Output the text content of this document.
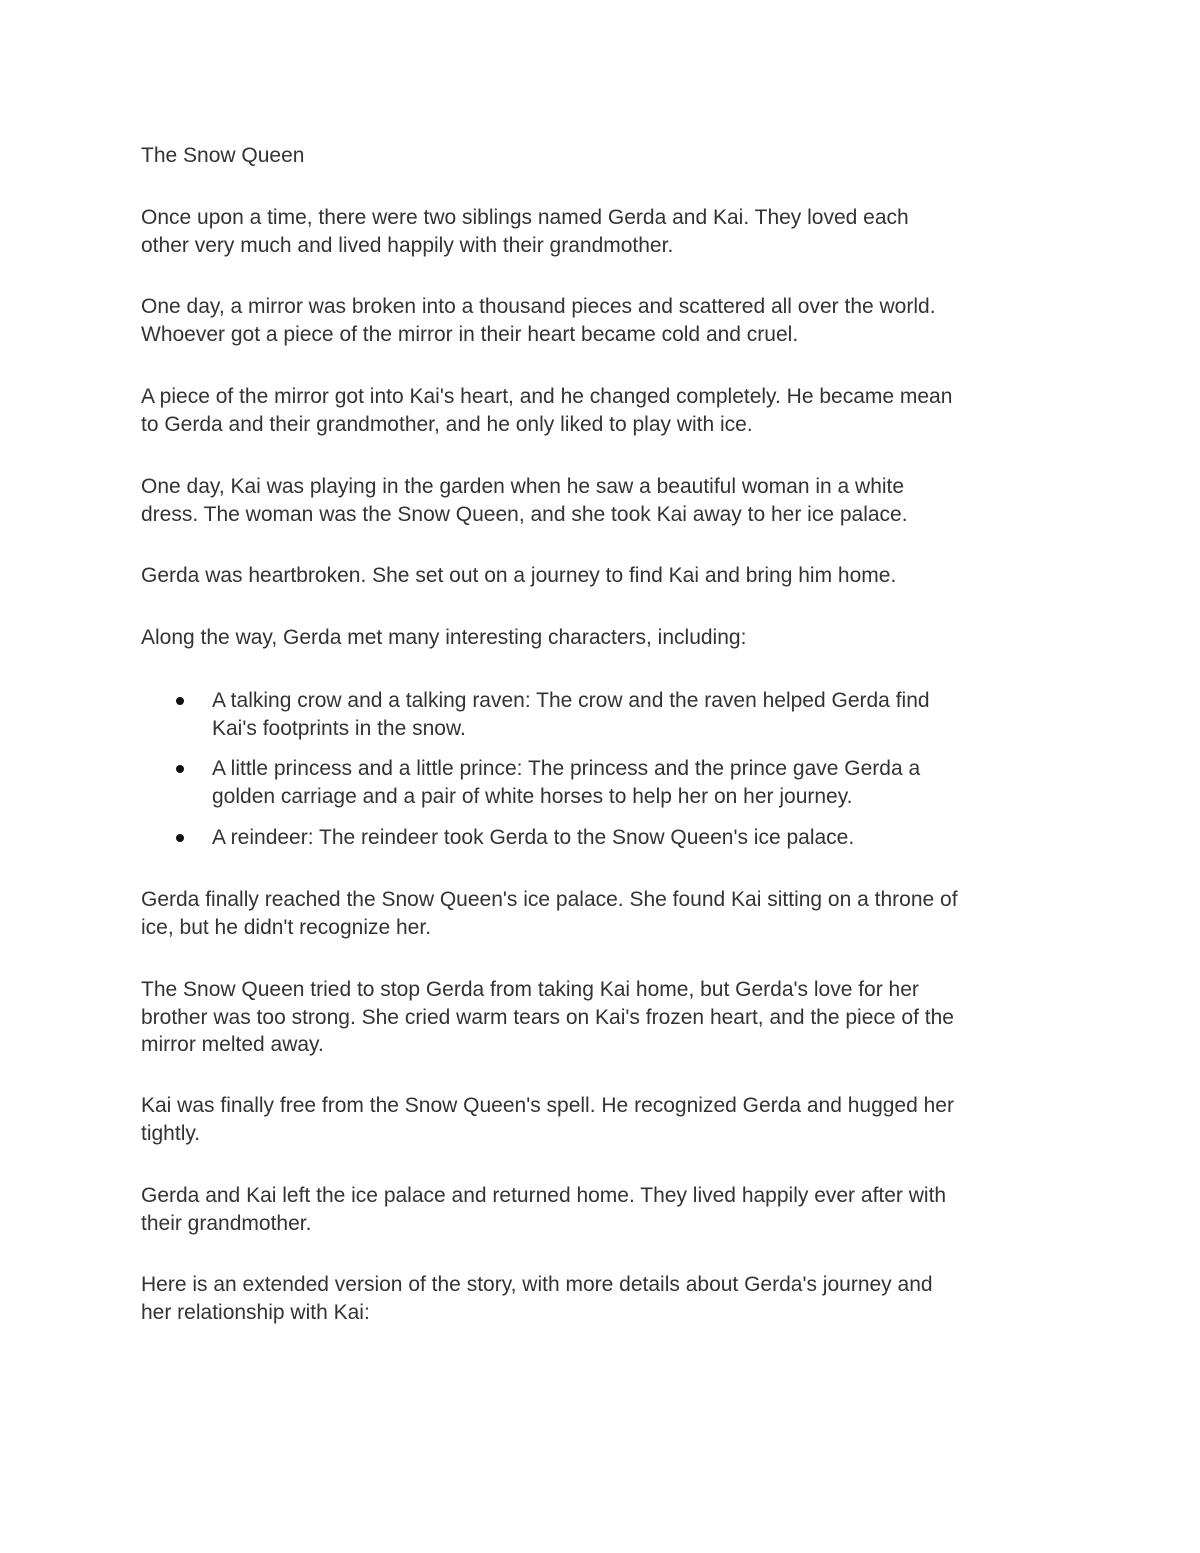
The Snow Queen
Once upon a time, there were two siblings named Gerda and Kai. They loved each
other very much and lived happily with their grandmother.
One day, a mirror was broken into a thousand pieces and scattered all over the world.
Whoever got a piece of the mirror in their heart became cold and cruel.
A piece of the mirror got into Kai's heart, and he changed completely. He became mean
to Gerda and their grandmother, and he only liked to play with ice.
One day, Kai was playing in the garden when he saw a beautiful woman in a white
dress. The woman was the Snow Queen, and she took Kai away to her ice palace.
Gerda was heartbroken. She set out on a journey to find Kai and bring him home.
Along the way, Gerda met many interesting characters, including:
A talking crow and a talking raven: The crow and the raven helped Gerda find
Kai's footprints in the snow.
A little princess and a little prince: The princess and the prince gave Gerda a
golden carriage and a pair of white horses to help her on her journey.
A reindeer: The reindeer took Gerda to the Snow Queen's ice palace.
Gerda finally reached the Snow Queen's ice palace. She found Kai sitting on a throne of
ice, but he didn't recognize her.
The Snow Queen tried to stop Gerda from taking Kai home, but Gerda's love for her
brother was too strong. She cried warm tears on Kai's frozen heart, and the piece of the
mirror melted away.
Kai was finally free from the Snow Queen's spell. He recognized Gerda and hugged her
tightly.
Gerda and Kai left the ice palace and returned home. They lived happily ever after with
their grandmother.
Here is an extended version of the story, with more details about Gerda's journey and
her relationship with Kai:
